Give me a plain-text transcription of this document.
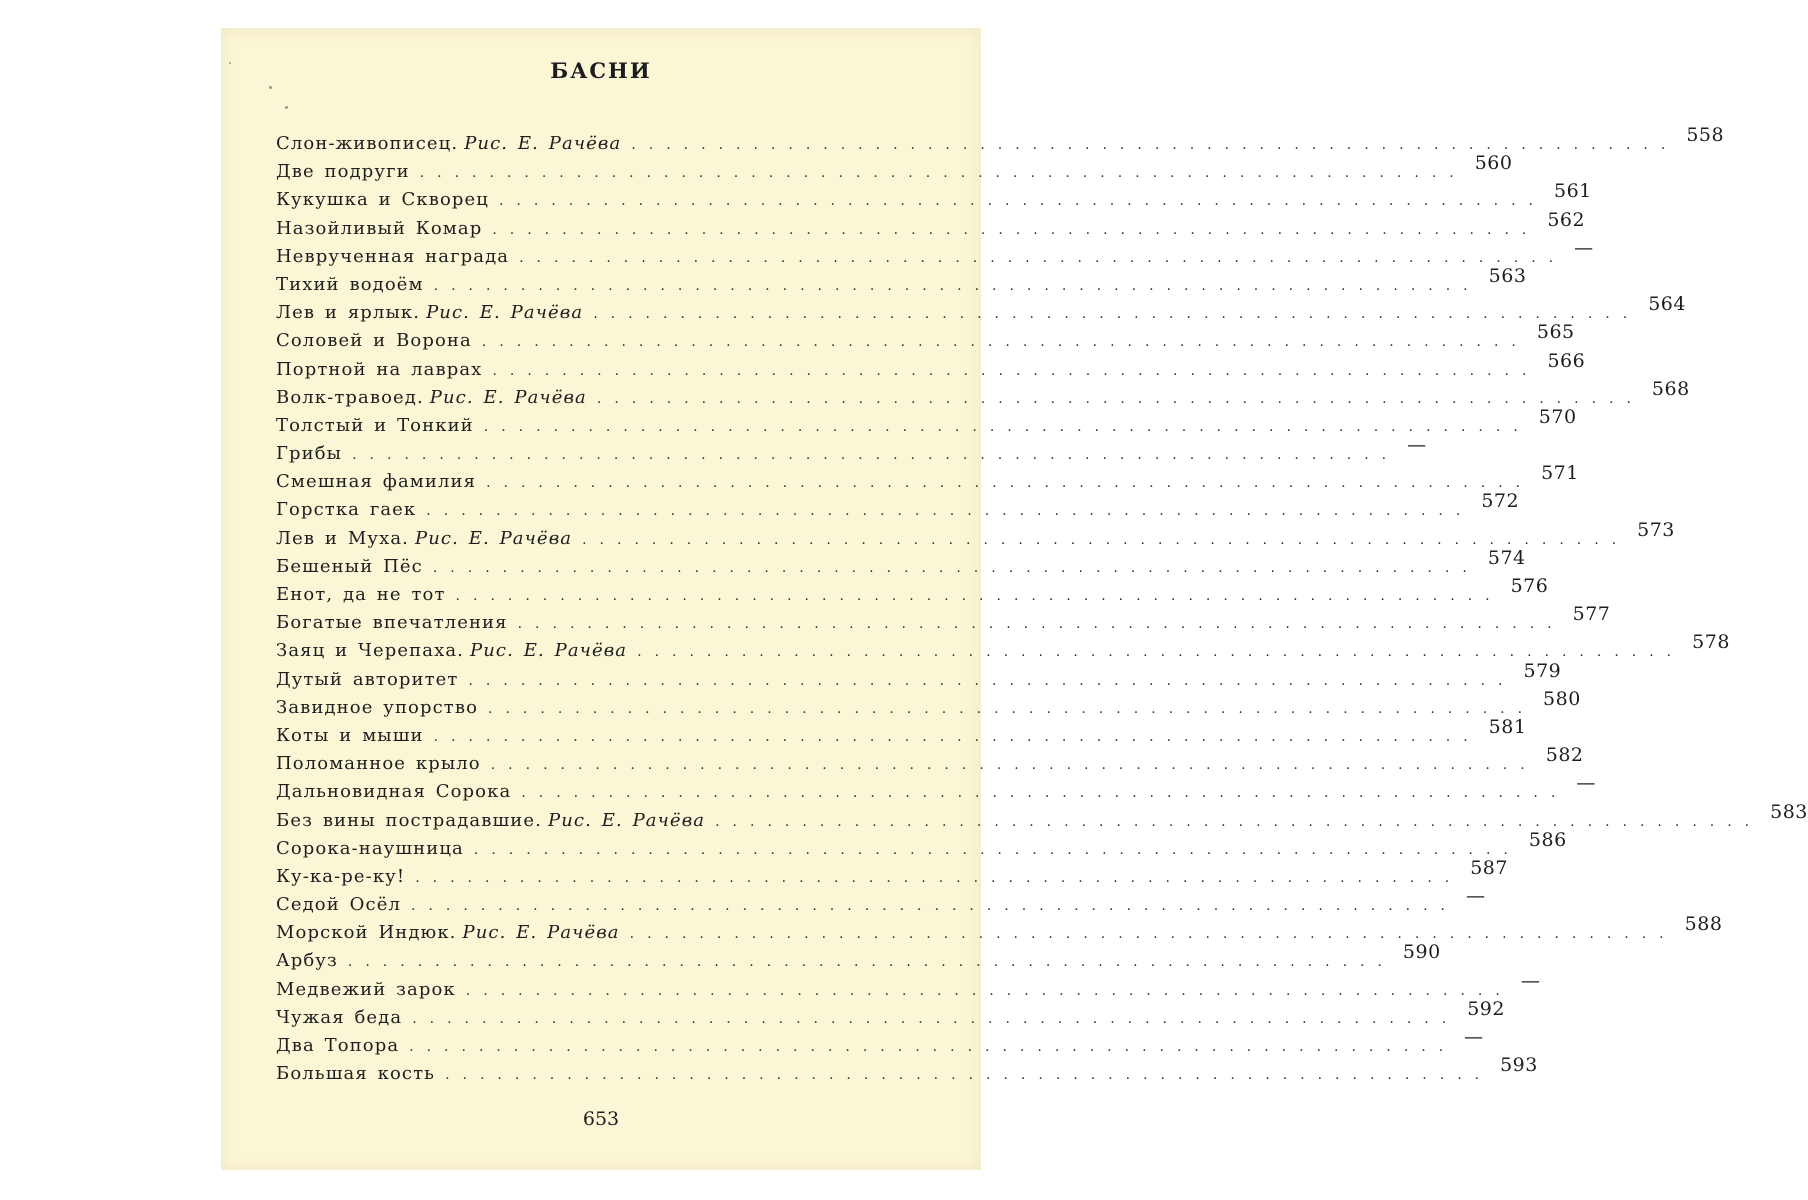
БАСНИ
Слон-живописец. Рис. Е. Рачёва ............................................................ 558
Две подруги ............................................................ 560
Кукушка и Скворец ............................................................ 561
Назойливый Комар ............................................................ 562
Неврученная награда ............................................................ —
Тихий водоём ............................................................ 563
Лев и ярлык. Рис. Е. Рачёва ............................................................ 564
Соловей и Ворона ............................................................ 565
Портной на лаврах ............................................................ 566
Волк-травоед. Рис. Е. Рачёва ............................................................ 568
Толстый и Тонкий ............................................................ 570
Грибы ............................................................ —
Смешная фамилия ............................................................ 571
Горстка гаек ............................................................ 572
Лев и Муха. Рис. Е. Рачёва ............................................................ 573
Бешеный Пёс ............................................................ 574
Енот, да не тот ............................................................ 576
Богатые впечатления ............................................................ 577
Заяц и Черепаха. Рис. Е. Рачёва ............................................................ 578
Дутый авторитет ............................................................ 579
Завидное упорство ............................................................ 580
Коты и мыши ............................................................ 581
Поломанное крыло ............................................................ 582
Дальновидная Сорока ............................................................ —
Без вины пострадавшие. Рис. Е. Рачёва ............................................................ 583
Сорока-наушница ............................................................ 586
Ку-ка-ре-ку! ............................................................ 587
Седой Осёл ............................................................ —
Морской Индюк. Рис. Е. Рачёва ............................................................ 588
Арбуз ............................................................ 590
Медвежий зарок ............................................................ —
Чужая беда ............................................................ 592
Два Топора ............................................................ —
Большая кость ............................................................ 593
653
